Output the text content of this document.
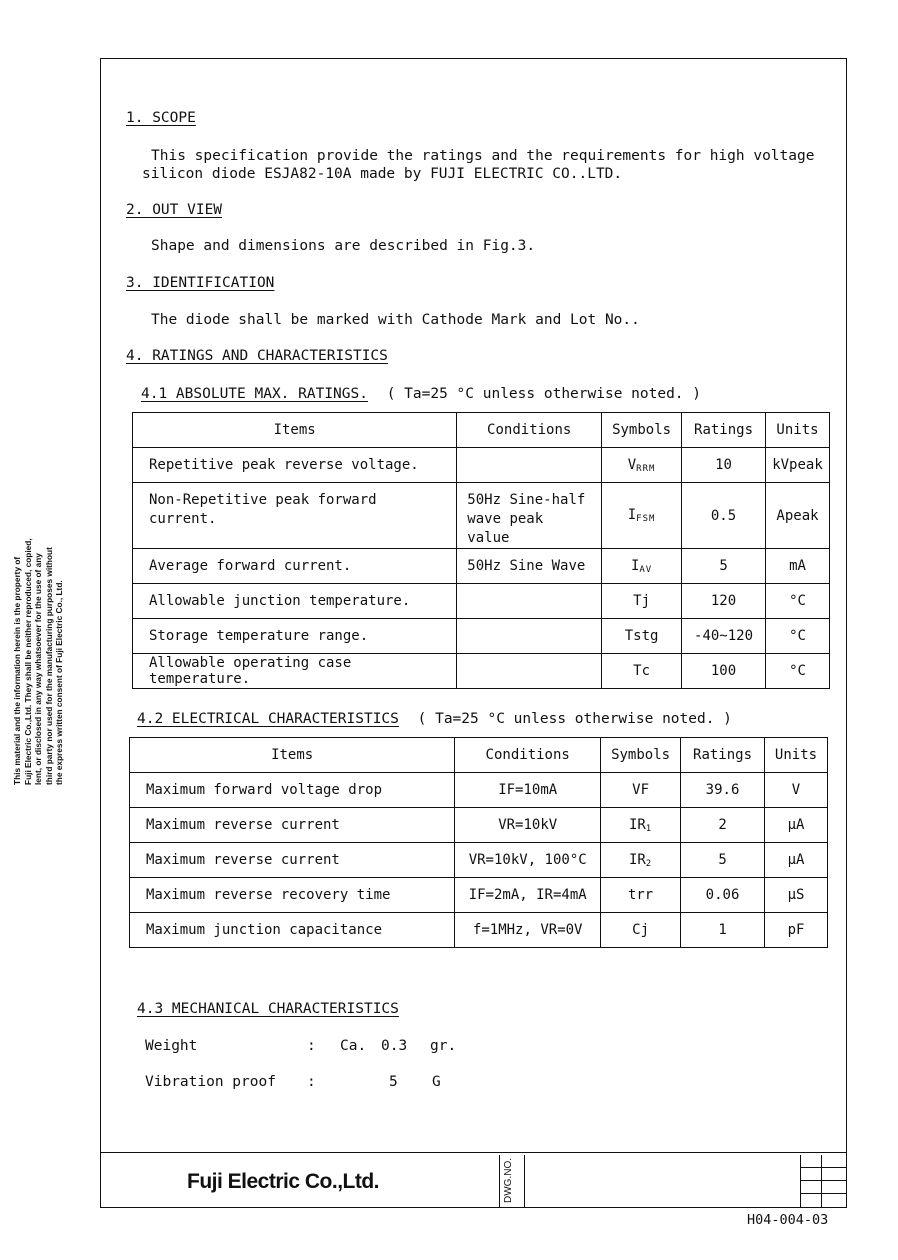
This material and the information herein is the property of Fuji Electric Co.,Ltd. They shall be neither reproduced, copied, lent, or disclosed in any way whatsoever for the use of any third party nor used for the manufacturing purposes without the express written consent of Fuji Electric Co., Ltd.
1. SCOPE
This specification provide the ratings and the requirements for high voltage
silicon diode ESJA82-10A made by FUJI ELECTRIC CO..LTD.
2. OUT VIEW
Shape and dimensions are described in Fig.3.
3. IDENTIFICATION
The diode shall be marked with Cathode Mark and Lot No..
4. RATINGS AND CHARACTERISTICS
4.1 ABSOLUTE MAX. RATINGS. ( Ta=25 °C unless otherwise noted. )
Items	Conditions	Symbols	Ratings	Units
Repetitive peak reverse voltage.		$V_{RRM}$	10	kVpeak
Non-Repetitive peak forward current.	50Hz Sine-half
wave peak value	$I_{FSM}$	0.5	Apeak
Average forward current.	50Hz Sine Wave	$I_{AV}$	5	mA
Allowable junction temperature.		Tj	120	°C
Storage temperature range.		Tstg	-40~120	°C
Allowable operating case temperature.		Tc	100	°C
4.2 ELECTRICAL CHARACTERISTICS ( Ta=25 °C unless otherwise noted. )
Items	Conditions	Symbols	Ratings	Units
Maximum forward voltage drop	IF=10mA	VF	39.6	V
Maximum reverse current	VR=10kV	$IR_1$	2	μA
Maximum reverse current	VR=10kV, 100°C	$IR_2$	5	μA
Maximum reverse recovery time	IF=2mA, IR=4mA	trr	0.06	μS
Maximum junction capacitance	f=1MHz, VR=0V	Cj	1	pF
4.3 MECHANICAL CHARACTERISTICS
Weight	: Ca. 0.3 gr.
Vibration proof :	5 G
Fuji Electric Co.,Ltd.	DWG.NO.
H04-004-03
